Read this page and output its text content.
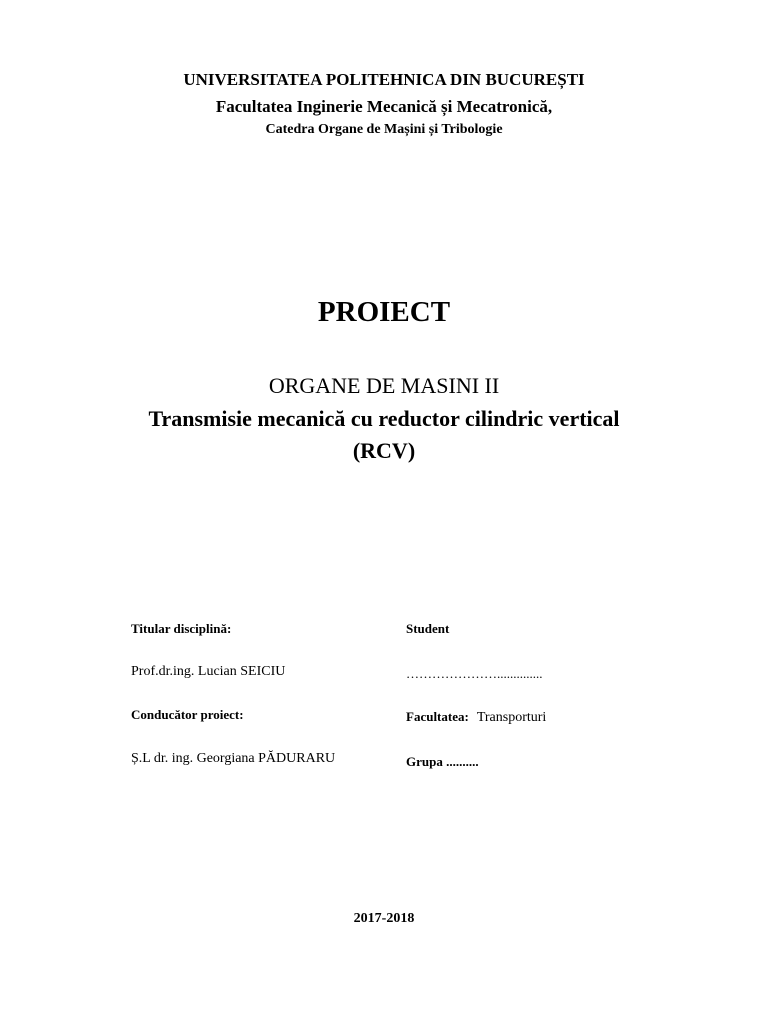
UNIVERSITATEA POLITEHNICA DIN BUCUREȘTI
Facultatea Inginerie Mecanică și Mecatronică,
Catedra Organe de Mașini și Tribologie
PROIECT
ORGANE DE MASINI II
Transmisie mecanică cu reductor cilindric vertical
(RCV)
Titular disciplină:
Prof.dr.ing. Lucian SEICIU
Conducător proiect:
Ș.L dr. ing. Georgiana PĂDURARU
Student
…………………..............
Facultatea: Transporturi
Grupa ..........
2017-2018
